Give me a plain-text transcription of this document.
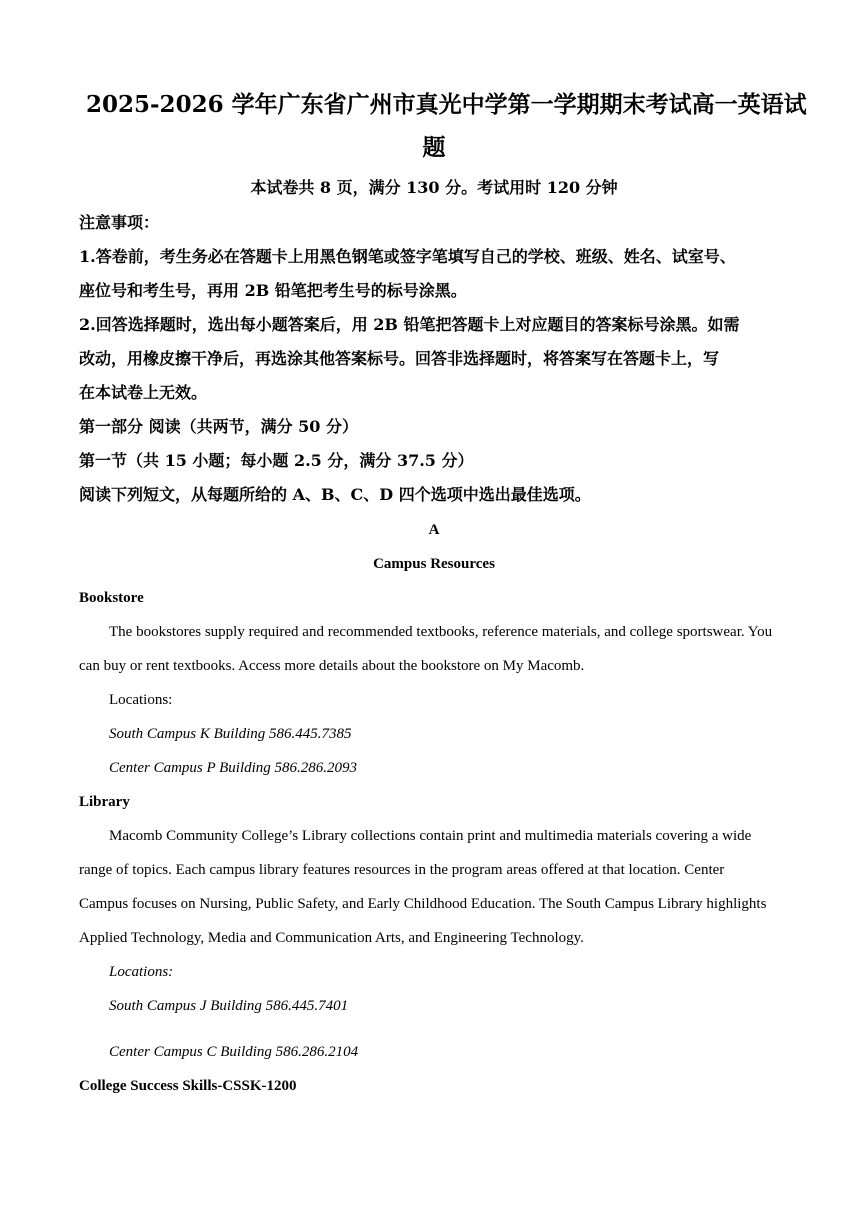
2025-2026 学年广东省广州市真光中学第一学期期末考试高一英语试
题
本试卷共 8 页，满分 130 分。考试用时 120 分钟
注意事项：
1.答卷前，考生务必在答题卡上用黑色钢笔或签字笔填写自己的学校、班级、姓名、试室号、
座位号和考生号，再用 2B 铅笔把考生号的标号涂黑。
2.回答选择题时，选出每小题答案后，用 2B 铅笔把答题卡上对应题目的答案标号涂黑。如需
改动，用橡皮擦干净后，再选涂其他答案标号。回答非选择题时，将答案写在答题卡上，写
在本试卷上无效。
第一部分 阅读（共两节，满分 50 分）
第一节（共 15 小题；每小题 2.5 分，满分 37.5 分）
阅读下列短文，从每题所给的 A、B、C、D 四个选项中选出最佳选项。
A
Campus Resources
Bookstore
The bookstores supply required and recommended textbooks, reference materials, and college sportswear. You
can buy or rent textbooks. Access more details about the bookstore on My Macomb.
Locations:
South Campus K Building 586.445.7385
Center Campus P Building 586.286.2093
Library
Macomb Community College’s Library collections contain print and multimedia materials covering a wide
range of topics. Each campus library features resources in the program areas offered at that location. Center
Campus focuses on Nursing, Public Safety, and Early Childhood Education. The South Campus Library highlights
Applied Technology, Media and Communication Arts, and Engineering Technology.
Locations:
South Campus J Building 586.445.7401
Center Campus C Building 586.286.2104
College Success Skills-CSSK-1200
